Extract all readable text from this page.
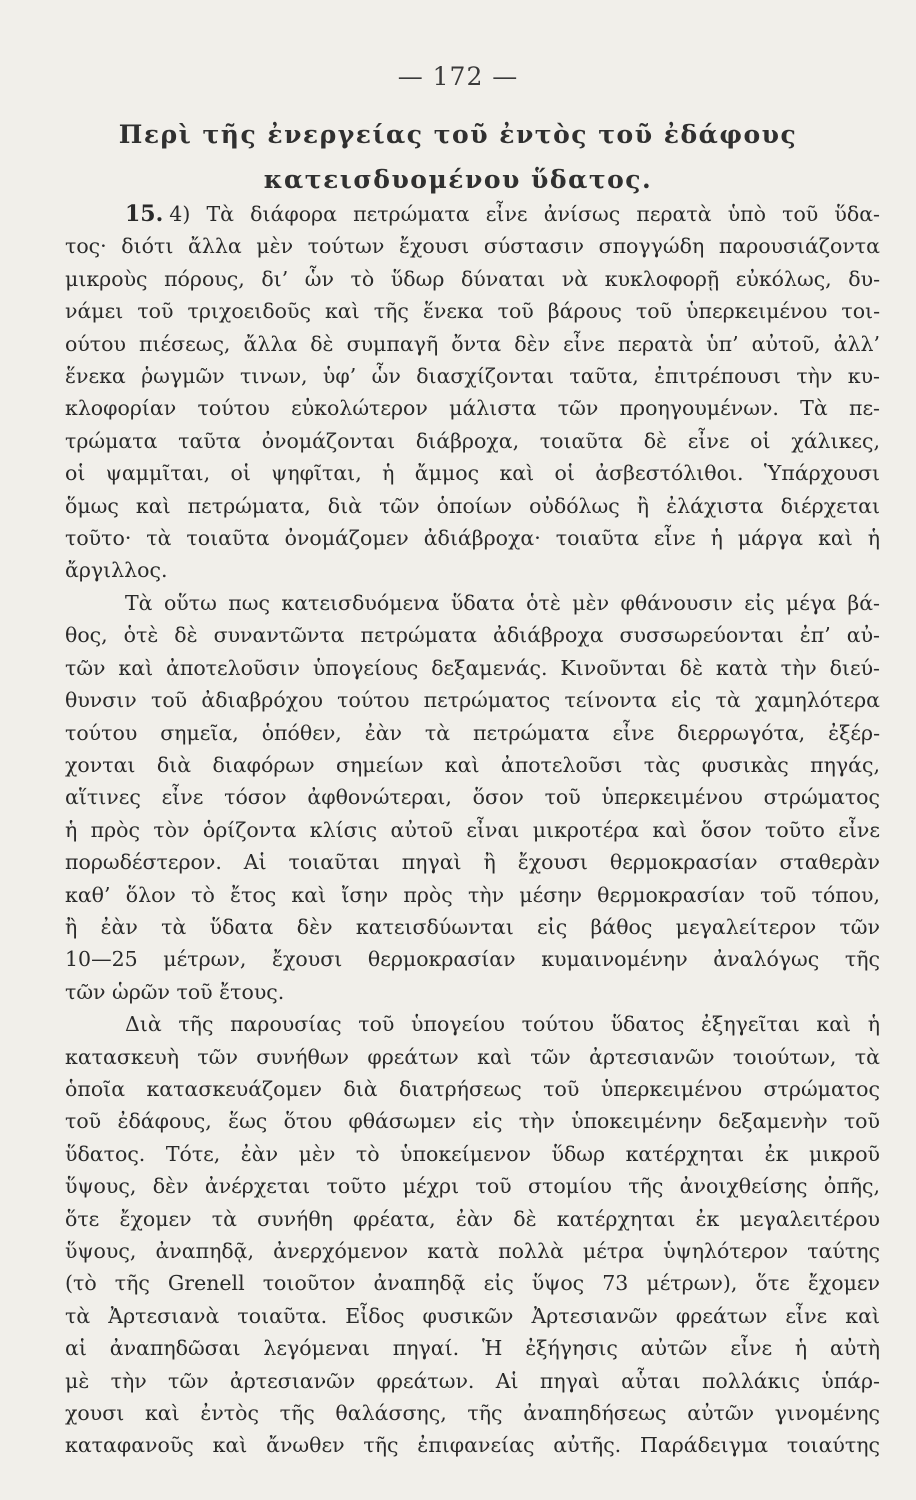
— 172 —
Περὶ τῆς ἐνεργείας τοῦ ἐντὸς τοῦ ἐδάφους
κατεισδυομένου ὕδατος.
15. 4) Τὰ διάφορα πετρώματα εἶνε ἀνίσως περατὰ ὑπὸ τοῦ ὕδα-
τος· διότι ἄλλα μὲν τούτων ἔχουσι σύστασιν σπογγώδη παρουσιάζοντα
μικροὺς πόρους, δι’ ὧν τὸ ὕδωρ δύναται νὰ κυκλοφορῇ εὐκόλως, δυ-
νάμει τοῦ τριχοειδοῦς καὶ τῆς ἕνεκα τοῦ βάρους τοῦ ὑπερκειμένου τοι-
ούτου πιέσεως, ἄλλα δὲ συμπαγῆ ὄντα δὲν εἶνε περατὰ ὑπ’ αὐτοῦ, ἀλλ’
ἕνεκα ῥωγμῶν τινων, ὑφ’ ὧν διασχίζονται ταῦτα, ἐπιτρέπουσι τὴν κυ-
κλοφορίαν τούτου εὐκολώτερον μάλιστα τῶν προηγουμένων. Τὰ πε-
τρώματα ταῦτα ὀνομάζονται διάβροχα, τοιαῦτα δὲ εἶνε οἱ χάλικες,
οἱ ψαμμῖται, οἱ ψηφῖται, ἡ ἄμμος καὶ οἱ ἀσβεστόλιθοι. Ὑπάρχουσι
ὅμως καὶ πετρώματα, διὰ τῶν ὁποίων οὐδόλως ἢ ἐλάχιστα διέρχεται
τοῦτο· τὰ τοιαῦτα ὀνομάζομεν ἀδιάβροχα· τοιαῦτα εἶνε ἡ μάργα καὶ ἡ
ἄργιλλος.
Τὰ οὕτω πως κατεισδυόμενα ὕδατα ὁτὲ μὲν φθάνουσιν εἰς μέγα βά-
θος, ὁτὲ δὲ συναντῶντα πετρώματα ἀδιάβροχα συσσωρεύονται ἐπ’ αὐ-
τῶν καὶ ἀποτελοῦσιν ὑπογείους δεξαμενάς. Κινοῦνται δὲ κατὰ τὴν διεύ-
θυνσιν τοῦ ἀδιαβρόχου τούτου πετρώματος τείνοντα εἰς τὰ χαμηλότερα
τούτου σημεῖα, ὁπόθεν, ἐὰν τὰ πετρώματα εἶνε διερρωγότα, ἐξέρ-
χονται διὰ διαφόρων σημείων καὶ ἀποτελοῦσι τὰς φυσικὰς πηγάς,
αἵτινες εἶνε τόσον ἀφθονώτεραι, ὅσον τοῦ ὑπερκειμένου στρώματος
ἡ πρὸς τὸν ὁρίζοντα κλίσις αὐτοῦ εἶναι μικροτέρα καὶ ὅσον τοῦτο εἶνε
πορωδέστερον. Αἱ τοιαῦται πηγαὶ ἢ ἔχουσι θερμοκρασίαν σταθερὰν
καθ’ ὅλον τὸ ἔτος καὶ ἴσην πρὸς τὴν μέσην θερμοκρασίαν τοῦ τόπου,
ἢ ἐὰν τὰ ὕδατα δὲν κατεισδύωνται εἰς βάθος μεγαλείτερον τῶν
10—25 μέτρων, ἔχουσι θερμοκρασίαν κυμαινομένην ἀναλόγως τῆς
τῶν ὡρῶν τοῦ ἔτους.
Διὰ τῆς παρουσίας τοῦ ὑπογείου τούτου ὕδατος ἐξηγεῖται καὶ ἡ
κατασκευὴ τῶν συνήθων φρεάτων καὶ τῶν ἀρτεσιανῶν τοιούτων, τὰ
ὁποῖα κατασκευάζομεν διὰ διατρήσεως τοῦ ὑπερκειμένου στρώματος
τοῦ ἐδάφους, ἕως ὅτου φθάσωμεν εἰς τὴν ὑποκειμένην δεξαμενὴν τοῦ
ὕδατος. Τότε, ἐὰν μὲν τὸ ὑποκείμενον ὕδωρ κατέρχηται ἐκ μικροῦ
ὕψους, δὲν ἀνέρχεται τοῦτο μέχρι τοῦ στομίου τῆς ἀνοιχθείσης ὀπῆς,
ὅτε ἔχομεν τὰ συνήθη φρέατα, ἐὰν δὲ κατέρχηται ἐκ μεγαλειτέρου
ὕψους, ἀναπηδᾷ, ἀνερχόμενον κατὰ πολλὰ μέτρα ὑψηλότερον ταύτης
(τὸ τῆς Grenell τοιοῦτον ἀναπηδᾷ εἰς ὕψος 73 μέτρων), ὅτε ἔχομεν
τὰ Ἀρτεσιανὰ τοιαῦτα. Εἶδος φυσικῶν Ἀρτεσιανῶν φρεάτων εἶνε καὶ
αἱ ἀναπηδῶσαι λεγόμεναι πηγαί. Ἡ ἐξήγησις αὐτῶν εἶνε ἡ αὐτὴ
μὲ τὴν τῶν ἀρτεσιανῶν φρεάτων. Αἱ πηγαὶ αὗται πολλάκις ὑπάρ-
χουσι καὶ ἐντὸς τῆς θαλάσσης, τῆς ἀναπηδήσεως αὐτῶν γινομένης
καταφανοῦς καὶ ἄνωθεν τῆς ἐπιφανείας αὐτῆς. Παράδειγμα τοιαύτης
